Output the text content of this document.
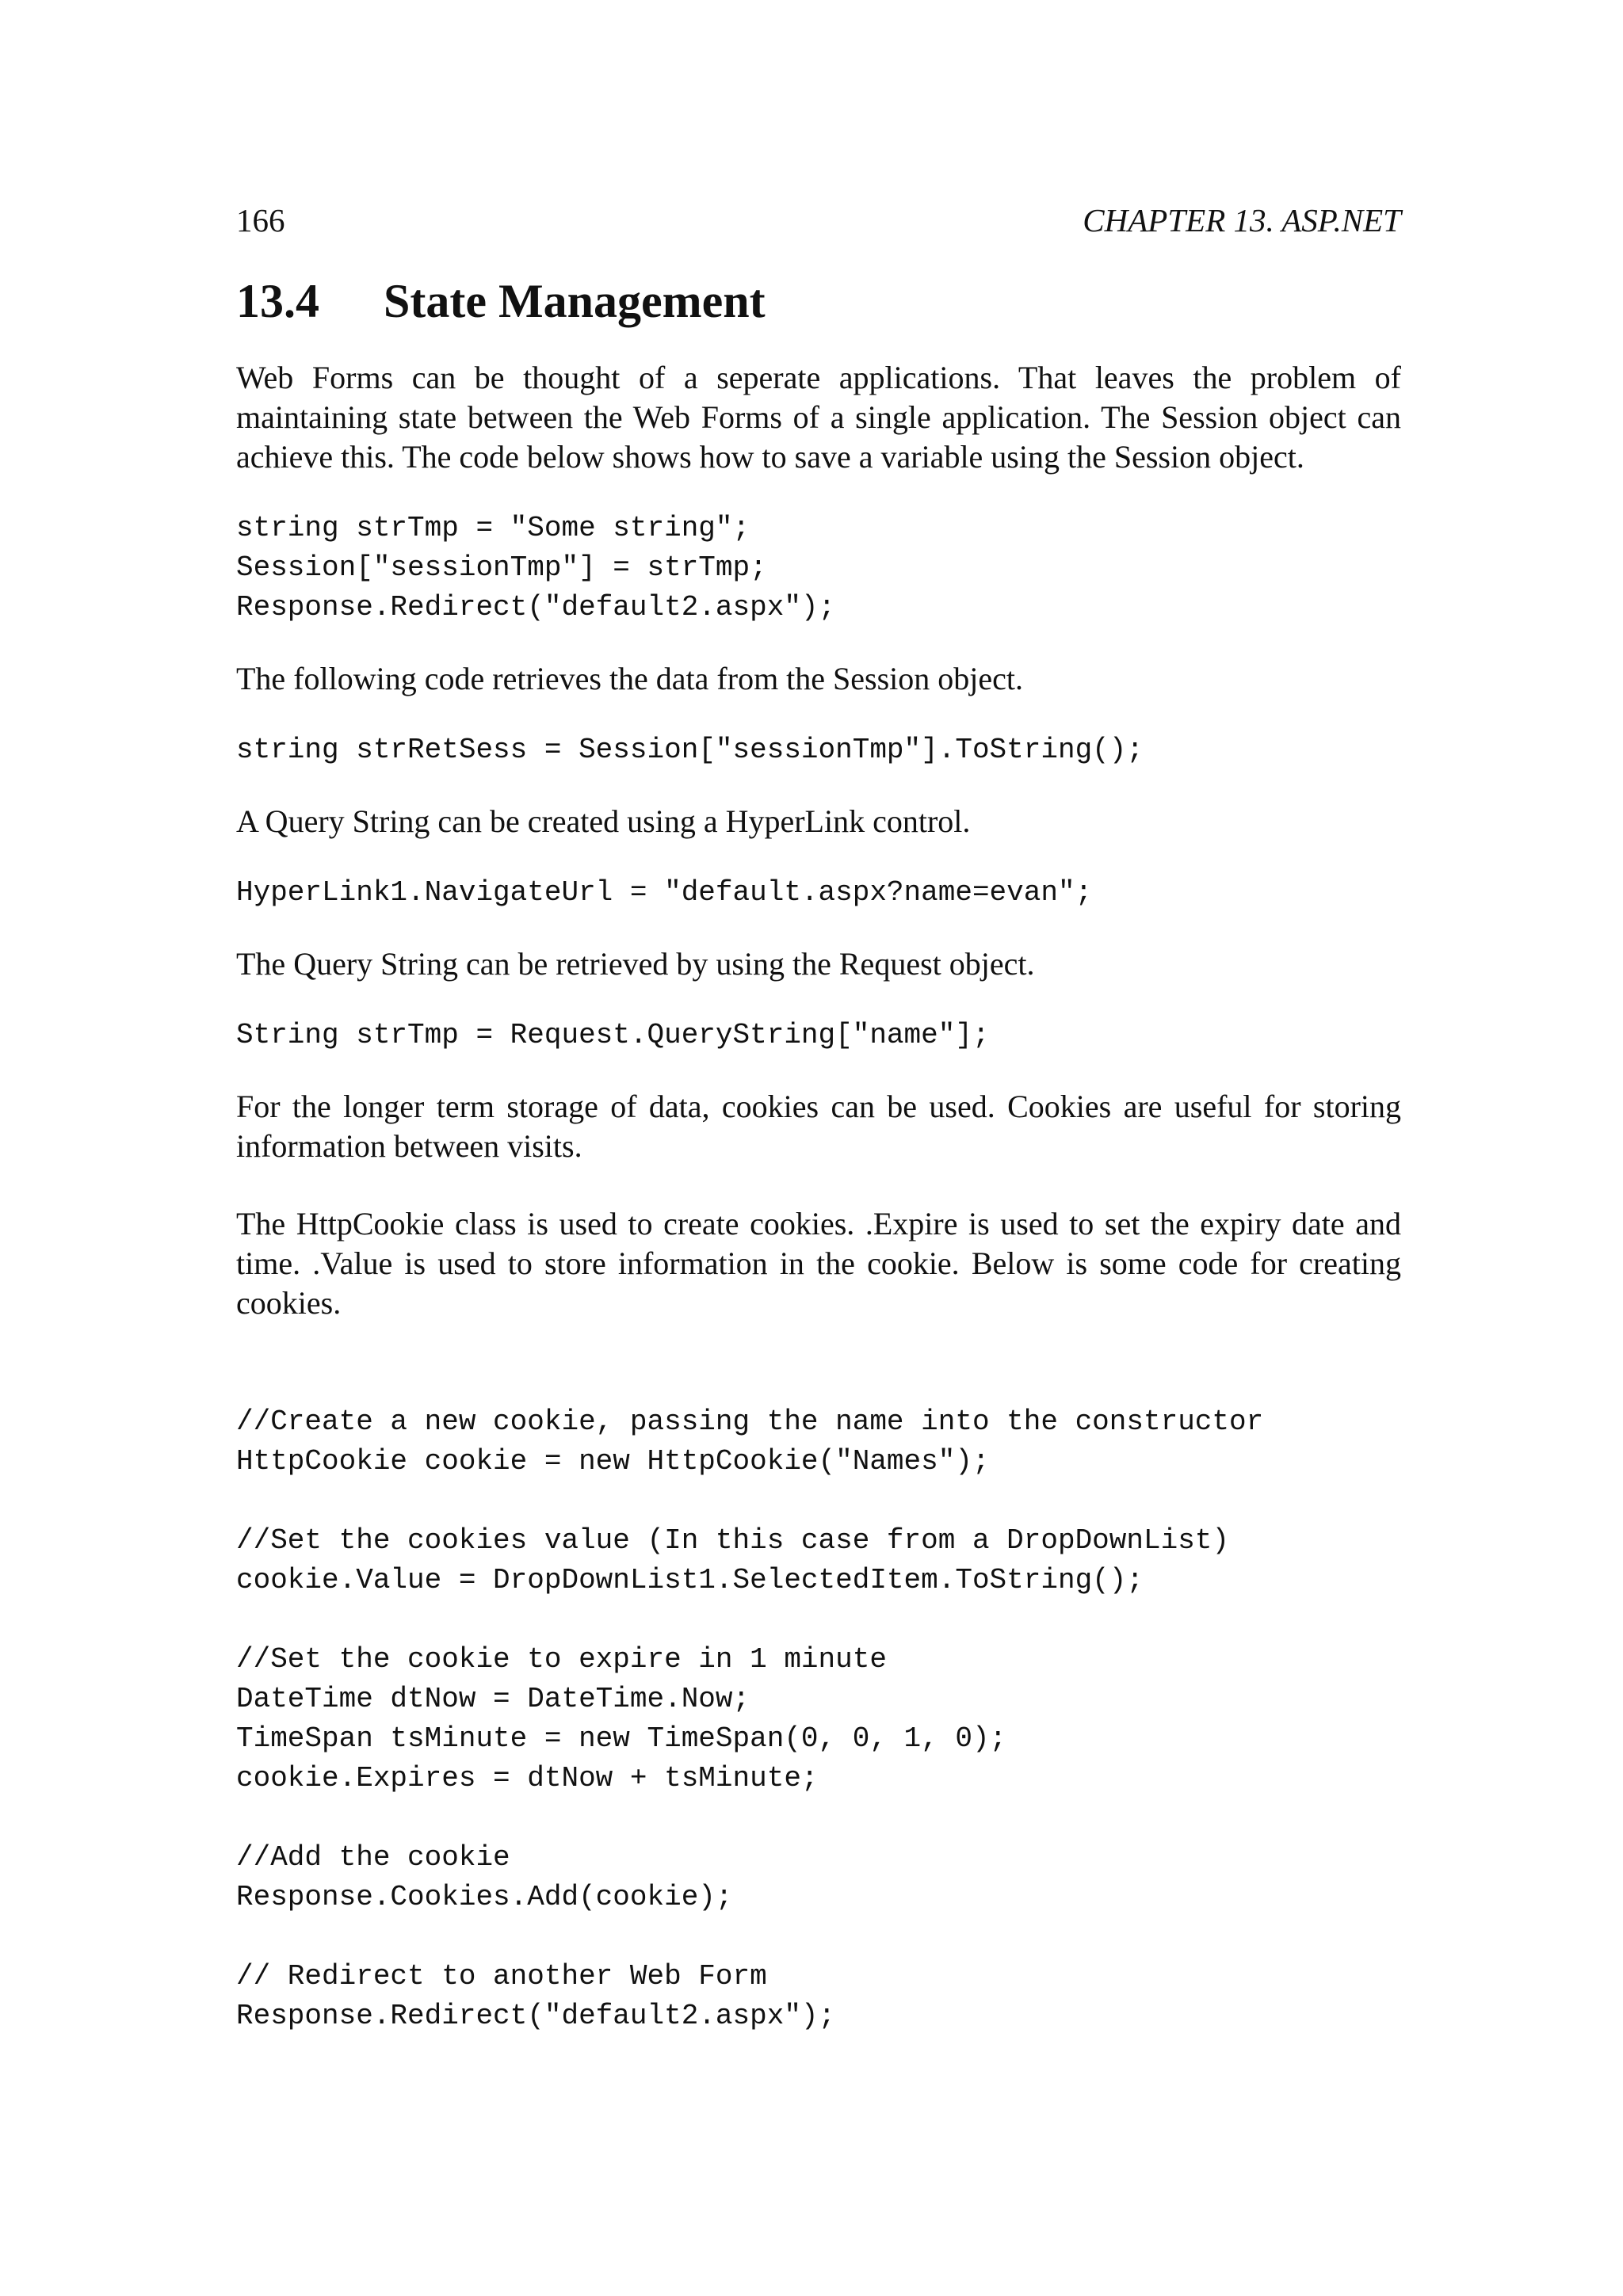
166	CHAPTER 13. ASP.NET
13.4 State Management

Web Forms can be thought of a seperate applications. That leaves the problem of maintaining state between the Web Forms of a single application. The Session object can achieve this. The code below shows how to save a variable using the Session object.

string strTmp = "Some string";
Session["sessionTmp"] = strTmp;
Response.Redirect("default2.aspx");

The following code retrieves the data from the Session object.

string strRetSess = Session["sessionTmp"].ToString();

A Query String can be created using a HyperLink control.

HyperLink1.NavigateUrl = "default.aspx?name=evan";

The Query String can be retrieved by using the Request object.

String strTmp = Request.QueryString["name"];

For the longer term storage of data, cookies can be used. Cookies are useful for storing information between visits.

The HttpCookie class is used to create cookies. .Expire is used to set the expiry date and time. .Value is used to store information in the cookie. Below is some code for creating cookies.

//Create a new cookie, passing the name into the constructor
HttpCookie cookie = new HttpCookie("Names");
//Set the cookies value (In this case from a DropDownList)
cookie.Value = DropDownList1.SelectedItem.ToString();
//Set the cookie to expire in 1 minute
DateTime dtNow = DateTime.Now;
TimeSpan tsMinute = new TimeSpan(0, 0, 1, 0);
cookie.Expires = dtNow + tsMinute;
//Add the cookie
Response.Cookies.Add(cookie);
// Redirect to another Web Form
Response.Redirect("default2.aspx");
